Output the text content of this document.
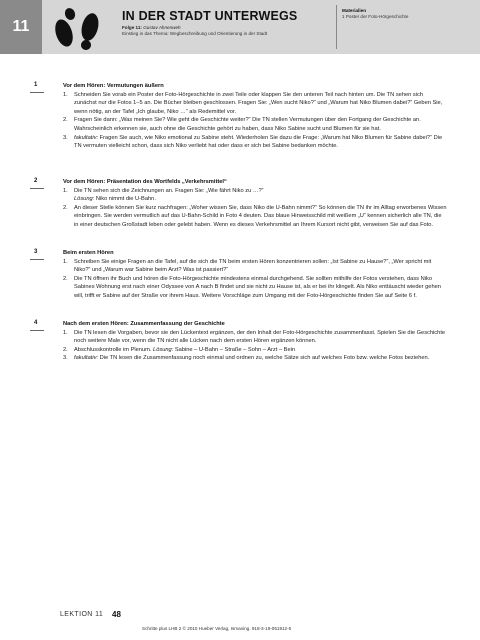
11
IN DER STADT UNTERWEGS
Folge 11: Gustav Ahnenweh
Einstieg in das Thema: Wegbeschreibung und Orientierung in der Stadt
Materialien
1 Poster der Foto-Hörgeschichte
1	Vor dem Hören: Vermutungen äußern
1. Schneiden Sie vorab ein Poster der Foto-Hörgeschichte in zwei Teile oder klappen Sie den unteren Teil nach hinten um. Die TN sehen sich zunächst nur die Fotos 1–5 an. Die Bücher bleiben geschlossen. Fragen Sie: „Wen sucht Niko?“ und „Warum hat Niko Blumen dabei?“ Geben Sie, wenn nötig, an der Tafel „Ich glaube, Niko …“ als Redemittel vor.
2. Fragen Sie dann: „Was meinen Sie? Wie geht die Geschichte weiter?“ Die TN stellen Vermutungen über den Fortgang der Geschichte an. Wahrscheinlich erkennen sie, auch ohne die Geschichte gehört zu haben, dass Niko Sabine sucht und Blumen für sie hat.
3. fakultativ: Fragen Sie auch, wie Niko emotional zu Sabine steht. Wiederholen Sie dazu die Frage: „Warum hat Niko Blumen für Sabine dabei?“ Die TN vermuten vielleicht schon, dass sich Niko verliebt hat oder dass er sich bei Sabine bedanken möchte.
2	Vor dem Hören: Präsentation des Wortfelds „Verkehrsmittel“
1. Die TN sehen sich die Zeichnungen an. Fragen Sie: „Wie fährt Niko zu …?“
Lösung: Niko nimmt die U-Bahn.
2. An dieser Stelle können Sie kurz nachfragen: „Woher wissen Sie, dass Niko die U-Bahn nimmt?“ So können die TN ihr im Alltag erworbenes Wissen einbringen. Sie werden vermutlich auf das U-Bahn-Schild in Foto 4 deuten. Das blaue Hinweisschild mit weißem „U“ kennen sicherlich alle TN, die in einer deutschen Großstadt leben oder gelebt haben. Wenn es dieses Verkehrsmittel an Ihrem Kursort nicht gibt, verweisen Sie auf das Foto.
3	Beim ersten Hören
1. Schreiben Sie einige Fragen an die Tafel, auf die sich die TN beim ersten Hören konzentrieren sollen: „Ist Sabine zu Hause?“, „Wer spricht mit Niko?“ und „Warum war Sabine beim Arzt? Was ist passiert?“
2. Die TN öffnen ihr Buch und hören die Foto-Hörgeschichte mindestens einmal durchgehend. Sie sollten mithilfe der Fotos verstehen, dass Niko Sabines Wohnung erst nach einer Odyssee von A nach B findet und sie nicht zu Hause ist, als er bei ihr klingelt. Als Niko enttäuscht wieder gehen will, trifft er Sabine auf der Straße vor ihrem Haus. Weitere Vorschläge zum Umgang mit der Foto-Hörgeschichte finden Sie auf Seite 6 f.
4	Nach dem ersten Hören: Zusammenfassung der Geschichte
1. Die TN lesen die Vorgaben, bevor sie den Lückentext ergänzen, der den Inhalt der Foto-Hörgeschichte zusammenfasst. Spielen Sie die Geschichte noch weitere Male vor, wenn die TN nicht alle Lücken nach dem ersten Hören ergänzen können.
2. Abschlusskontrolle im Plenum. Lösung: Sabine – U-Bahn – Straße – Sohn – Arzt – Bein
3. fakultativ: Die TN lesen die Zusammenfassung noch einmal und ordnen zu, welche Sätze sich auf welches Foto bzw. welche Fotos beziehen.
LEKTION 11 48
Schritte plus LHB 2 © 2010 Hueber Verlag, Ismaning. 918-3-19-051912-5
